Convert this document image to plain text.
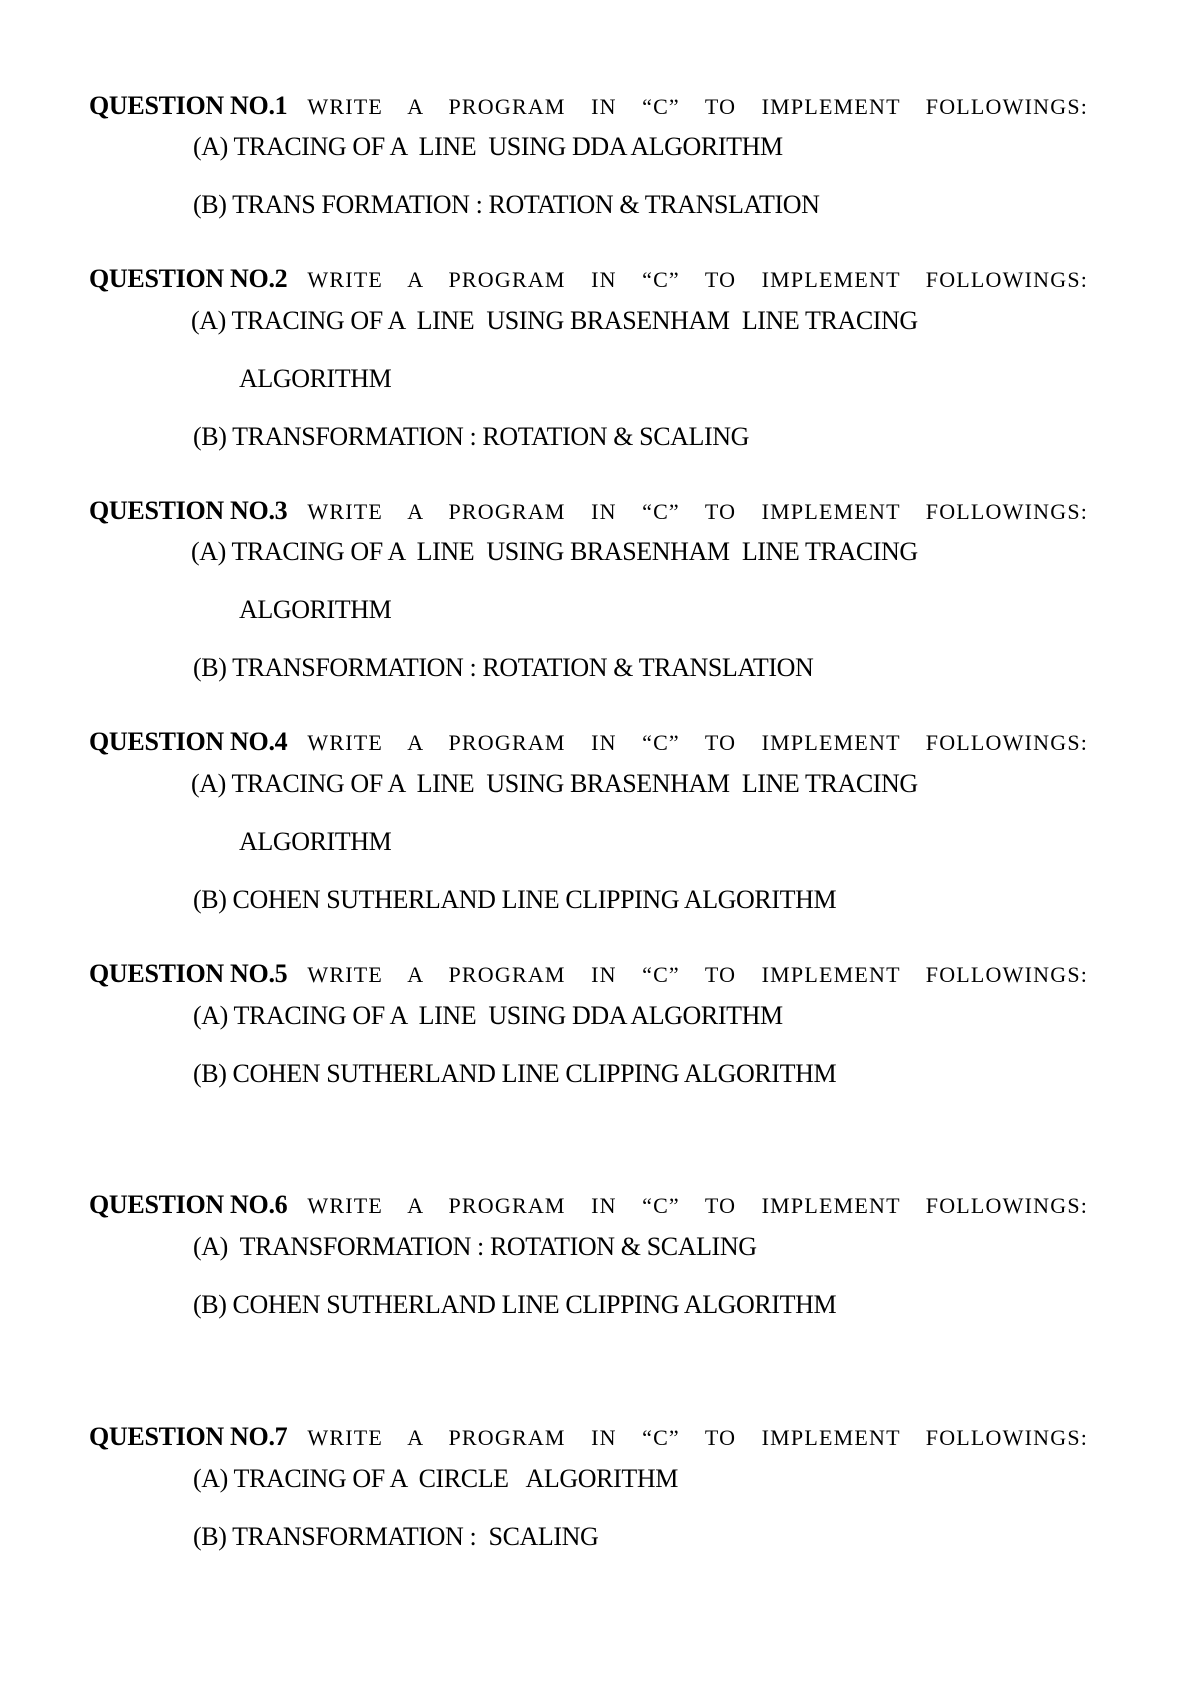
QUESTION NO.1 WRITE  A  PROGRAM  IN  “C”  TO  IMPLEMENT  FOLLOWINGS:

(A) TRACING OF A  LINE  USING DDA ALGORITHM
(B) TRANS FORMATION : ROTATION & TRANSLATION

QUESTION NO.2 WRITE  A  PROGRAM  IN  “C”  TO  IMPLEMENT  FOLLOWINGS:

(A) TRACING OF A  LINE  USING BRASENHAM  LINE TRACING
ALGORITHM
(B) TRANSFORMATION : ROTATION & SCALING

QUESTION NO.3 WRITE  A  PROGRAM  IN  “C”  TO  IMPLEMENT  FOLLOWINGS:

(A) TRACING OF A  LINE  USING BRASENHAM  LINE TRACING
ALGORITHM
(B) TRANSFORMATION : ROTATION & TRANSLATION

QUESTION NO.4 WRITE  A  PROGRAM  IN  “C”  TO  IMPLEMENT  FOLLOWINGS:

(A) TRACING OF A  LINE  USING BRASENHAM  LINE TRACING
ALGORITHM
(B) COHEN SUTHERLAND LINE CLIPPING ALGORITHM

QUESTION NO.5 WRITE  A  PROGRAM  IN  “C”  TO  IMPLEMENT  FOLLOWINGS:

(A) TRACING OF A  LINE  USING DDA ALGORITHM
(B) COHEN SUTHERLAND LINE CLIPPING ALGORITHM

QUESTION NO.6 WRITE  A  PROGRAM  IN  “C”  TO  IMPLEMENT  FOLLOWINGS:

(A)  TRANSFORMATION : ROTATION & SCALING
(B) COHEN SUTHERLAND LINE CLIPPING ALGORITHM

QUESTION NO.7 WRITE  A  PROGRAM  IN  “C”  TO  IMPLEMENT  FOLLOWINGS:

(A) TRACING OF A  CIRCLE   ALGORITHM
(B) TRANSFORMATION :  SCALING
